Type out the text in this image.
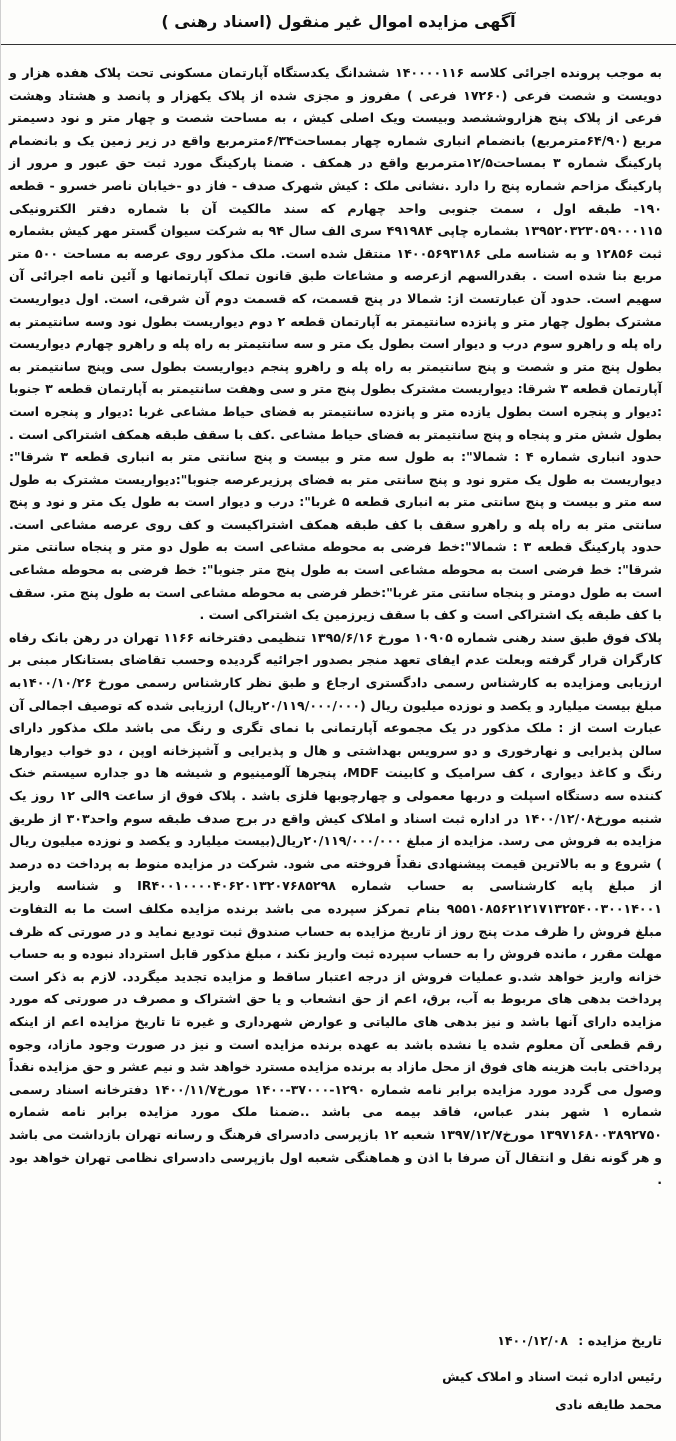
آگهی مزایده اموال غیر منقول (اسناد رهنی )

به موجب پرونده اجرائی کلاسه ۱۴۰۰۰۰۱۱۶ ششدانگ یکدستگاه آپارتمان مسکونی تحت پلاک هفده هزار و دویست و شصت فرعی (۱۷۲۶۰ فرعی ) مفروز و مجزی شده از پلاک یکهزار و پانصد و هشتاد وهشت فرعی از پلاک پنج هزاروششصد وبیست ویک اصلی کیش ، به مساحت شصت و چهار متر و نود دسیمتر مربع (۶۴/۹۰مترمربع) بانضمام انباری شماره چهار بمساحت۶/۳۴مترمربع واقع در زیر زمین یک و بانضمام پارکینگ شماره ۳ بمساحت۱۲/۵مترمربع واقع در همکف . ضمنا پارکینگ مورد ثبت حق عبور و مرور از پارکینگ مزاحم شماره پنج را دارد .نشانی ملک : کیش شهرک صدف - فاز دو -خیابان ناصر خسرو - قطعه ۱۹۰- طبقه اول ، سمت جنوبی واحد چهارم که سند مالکیت آن با شماره دفتر الکترونیکی ۱۳۹۵۲۰۳۲۳۰۵۹۰۰۰۱۱۵ بشماره چاپی ۴۹۱۹۸۴ سری الف سال ۹۴ به شرکت سیوان گستر مهر کیش بشماره ثبت ۱۲۸۵۶ و به شناسه ملی ۱۴۰۰۵۶۹۳۱۸۶ منتقل شده است. ملک مذکور روی عرصه به مساحت ۵۰۰ متر مربع بنا شده است . بقدرالسهم ازعرصه و مشاعات طبق قانون تملک آپارتمانها و آئین نامه اجرائی آن سهیم است. حدود آن عبارتست از: شمالا در پنج قسمت، که قسمت دوم آن شرقی، است. اول دیواریست مشترک بطول چهار متر و پانزده سانتیمتر به آپارتمان قطعه ۲ دوم دیواریست بطول نود وسه سانتیمتر به راه پله و راهرو سوم درب و دیوار است بطول یک متر و سه سانتیمتر به راه پله و راهرو چهارم دیواریست بطول پنج متر و شصت و پنج سانتیمتر به راه پله و راهرو پنجم دیواریست بطول سی وپنج سانتیمتر به آپارتمان قطعه ۳ شرقا: دیواریست مشترک بطول پنج متر و سی وهفت سانتیمتر به آپارتمان قطعه ۳ جنوبا :دیوار و پنجره است بطول یازده متر و پانزده سانتیمتر به فضای حیاط مشاعی غربا :دیوار و پنجره است بطول شش متر و پنجاه و پنج سانتیمتر به فضای حیاط مشاعی .کف با سقف طبقه همکف اشتراکی است . حدود انباری شماره ۴ : شمالا": به طول سه متر و بیست و پنج سانتی متر به انباری قطعه ۳ شرقا": دیواریست به طول یک مترو نود و پنج سانتی متر به فضای پرزیرعرصه جنوبا":دیواریست مشترک به طول سه متر و بیست و پنج سانتی متر به انباری قطعه ۵ غربا": درب و دیوار است به طول یک متر و نود و پنج سانتی متر به راه پله و راهرو سقف با کف طبقه همکف اشتراکیست و کف روی عرصه مشاعی است. حدود پارکینگ قطعه ۳ : شمالا":خط فرضی به محوطه مشاعی است به طول دو متر و پنجاه سانتی متر شرقا": خط فرضی است به محوطه مشاعی است به طول پنج متر جنوبا": خط فرضی به محوطه مشاعی است به طول دومتر و پنجاه سانتی متر غربا":خطر فرضی به محوطه مشاعی است به طول پنج متر. سقف با کف طبقه یک اشتراکی است و کف با سقف زیرزمین یک اشتراکی است .

پلاک فوق طبق سند رهنی شماره ۱۰۹۰۵ مورخ ۱۳۹۵/۶/۱۶ تنظیمی دفترخانه ۱۱۶۶ تهران در رهن بانک رفاه کارگران قرار گرفته وبعلت عدم ایفای تعهد منجر بصدور اجرائیه گردیده وحسب تقاضای بستانکار مبنی بر ارزیابی ومزایده به کارشناس رسمی دادگستری ارجاع و طبق نظر کارشناس رسمی مورخ ۱۴۰۰/۱۰/۲۶به مبلغ بیست میلیارد و یکصد و نوزده میلیون ریال (۲۰/۱۱۹/۰۰۰/۰۰۰ریال) ارزیابی شده که توصیف اجمالی آن عبارت است از : ملک مذکور در یک مجموعه آپارتمانی با نمای تگری و رنگ می باشد ملک مذکور دارای سالن پذیرایی و نهارخوری و دو سرویس بهداشتی و هال و پذیرایی و آشپزخانه اوپن ، دو خواب دیوارها رنگ و کاغذ دیواری ، کف سرامیک و کابینت MDF، پنجرها آلومینیوم و شیشه ها دو جداره سیستم خنک کننده سه دستگاه اسپلت و دربها معمولی و چهارچوبها فلزی باشد . پلاک فوق از ساعت ۹الی ۱۲ روز یک شنبه مورخ۱۴۰۰/۱۲/۰۸ در اداره ثبت اسناد و املاک کیش واقع در برج صدف طبقه سوم واحد۳۰۳ از طریق مزایده به فروش می رسد. مزایده از مبلغ ۲۰/۱۱۹/۰۰۰/۰۰۰ریال(بیست میلیارد و یکصد و نوزده میلیون ریال ) شروع و به بالاترین قیمت پیشنهادی نقداً فروخته می شود. شرکت در مزایده منوط به پرداخت ده درصد از مبلغ پایه کارشناسی به حساب شماره IR۴۰۰۱۰۰۰۰۴۰۶۲۰۱۳۲۰۷۶۸۵۲۹۸ و شناسه واریز ۹۵۵۱۰۸۵۶۲۱۲۱۷۱۳۲۵۴۰۰۳۰۰۱۴۰۰۱ بنام تمرکز سپرده می باشد برنده مزایده مکلف است ما به التفاوت مبلغ فروش را ظرف مدت پنج روز از تاریخ مزایده به حساب صندوق ثبت تودیع نماید و در صورتی که ظرف مهلت مقرر ، مانده فروش را به حساب سپرده ثبت واریز نکند ، مبلغ مذکور قابل استرداد نبوده و به حساب خزانه واریز خواهد شد.و عملیات فروش از درجه اعتبار ساقط و مزایده تجدید میگردد. لازم به ذکر است پرداخت بدهی های مربوط به آب، برق، اعم از حق انشعاب و یا حق اشتراک و مصرف در صورتی که مورد مزایده دارای آنها باشد و نیز بدهی های مالیاتی و عوارض شهرداری و غیره تا تاریخ مزایده اعم از اینکه رقم قطعی آن معلوم شده یا نشده باشد به عهده برنده مزایده است و نیز در صورت وجود مازاد، وجوه پرداختی بابت هزینه های فوق از محل مازاد به برنده مزایده مسترد خواهد شد و نیم عشر و حق مزایده نقداً وصول می گردد مورد مزایده برابر نامه شماره ۱۲۹۰-۳۷۰۰۰-۱۴۰۰ مورخ۱۴۰۰/۱۱/۷ دفترخانه اسناد رسمی شماره ۱ شهر بندر عباس، فاقد بیمه می باشد ..ضمنا ملک مورد مزایده برابر نامه شماره ۱۳۹۷۱۶۸۰۰۳۸۹۲۷۵۰ مورخ۱۳۹۷/۱۲/۷ شعبه ۱۲ بازپرسی دادسرای فرهنگ و رسانه تهران بازداشت می باشد و هر گونه نقل و انتقال آن صرفا با اذن و هماهنگی شعبه اول بازپرسی دادسرای نظامی تهران خواهد بود .

تاریخ مزایده : ۱۴۰۰/۱۲/۰۸
رئیس اداره ثبت اسناد و املاک کیش
محمد طایفه نادی
